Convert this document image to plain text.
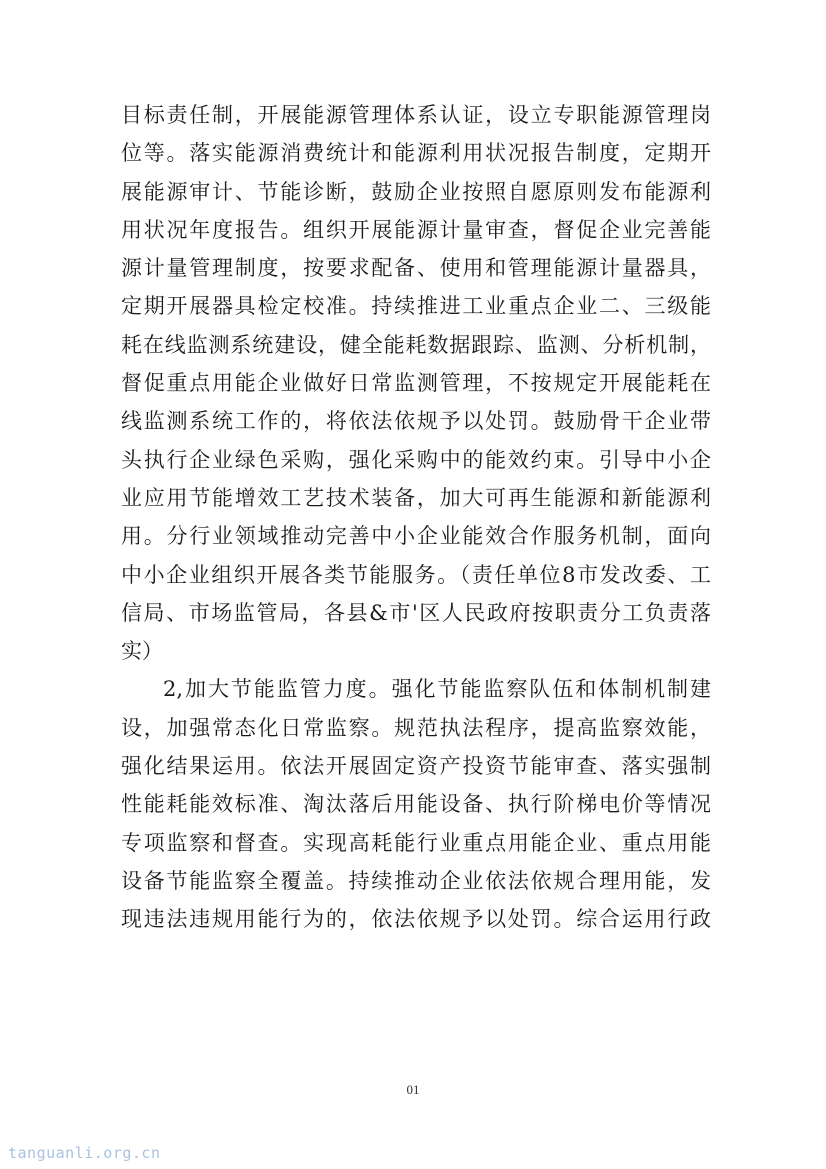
目标责任制，开展能源管理体系认证，设立专职能源管理岗
位等。落实能源消费统计和能源利用状况报告制度，定期开
展能源审计、节能诊断，鼓励企业按照自愿原则发布能源利
用状况年度报告。组织开展能源计量审查，督促企业完善能
源计量管理制度，按要求配备、使用和管理能源计量器具，
定期开展器具检定校准。持续推进工业重点企业二、三级能
耗在线监测系统建设，健全能耗数据跟踪、监测、分析机制，
督促重点用能企业做好日常监测管理，不按规定开展能耗在
线监测系统工作的，将依法依规予以处罚。鼓励骨干企业带
头执行企业绿色采购，强化采购中的能效约束。引导中小企
业应用节能增效工艺技术装备，加大可再生能源和新能源利
用。分行业领域推动完善中小企业能效合作服务机制，面向
中小企业组织开展各类节能服务。（责任单位8市发改委、工
信局、市场监管局，各县&市'区人民政府按职责分工负责落
实）
2,加大节能监管力度。强化节能监察队伍和体制机制建
设，加强常态化日常监察。规范执法程序，提高监察效能，
强化结果运用。依法开展固定资产投资节能审查、落实强制
性能耗能效标准、淘汰落后用能设备、执行阶梯电价等情况
专项监察和督查。实现高耗能行业重点用能企业、重点用能
设备节能监察全覆盖。持续推动企业依法依规合理用能，发
现违法违规用能行为的，依法依规予以处罚。综合运用行政
01
tanguanli.org.cn
